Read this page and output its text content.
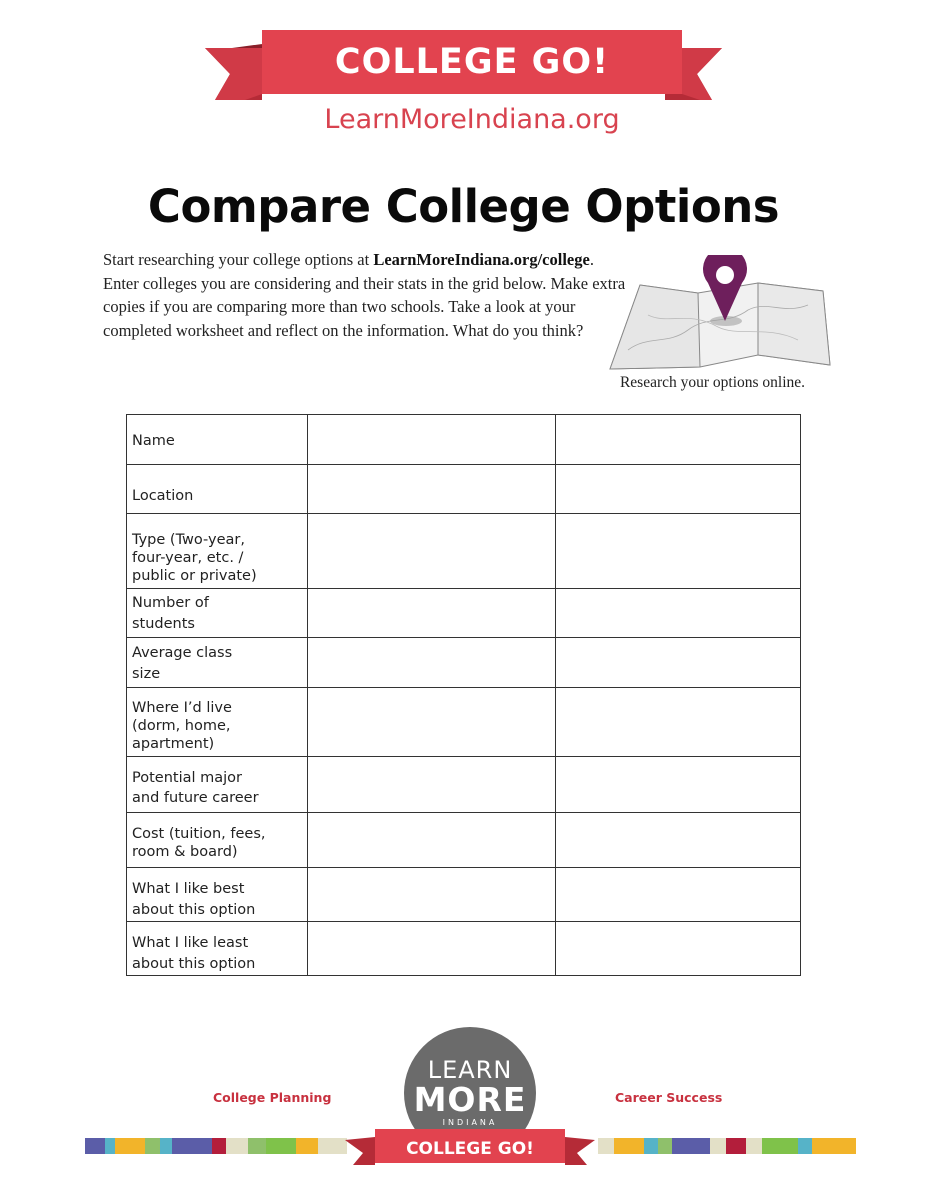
COLLEGE GO!
LearnMoreIndiana.org
Compare College Options
Start researching your college options at LearnMoreIndiana.org/college. Enter colleges you are considering and their stats in the grid below. Make extra copies if you are comparing more than two schools. Take a look at your completed worksheet and reflect on the information. What do you think?
Research your options online.
Name
Location
Type (Two-year,
four-year, etc. /
public or private)
Number of
students
Average class
size
Where I’d live
(dorm, home,
apartment)
Potential major
and future career
Cost (tuition, fees,
room & board)
What I like best
about this option
What I like least
about this option
College Planning	Career Success
LEARN
MORE
INDIANA
COLLEGE GO!
